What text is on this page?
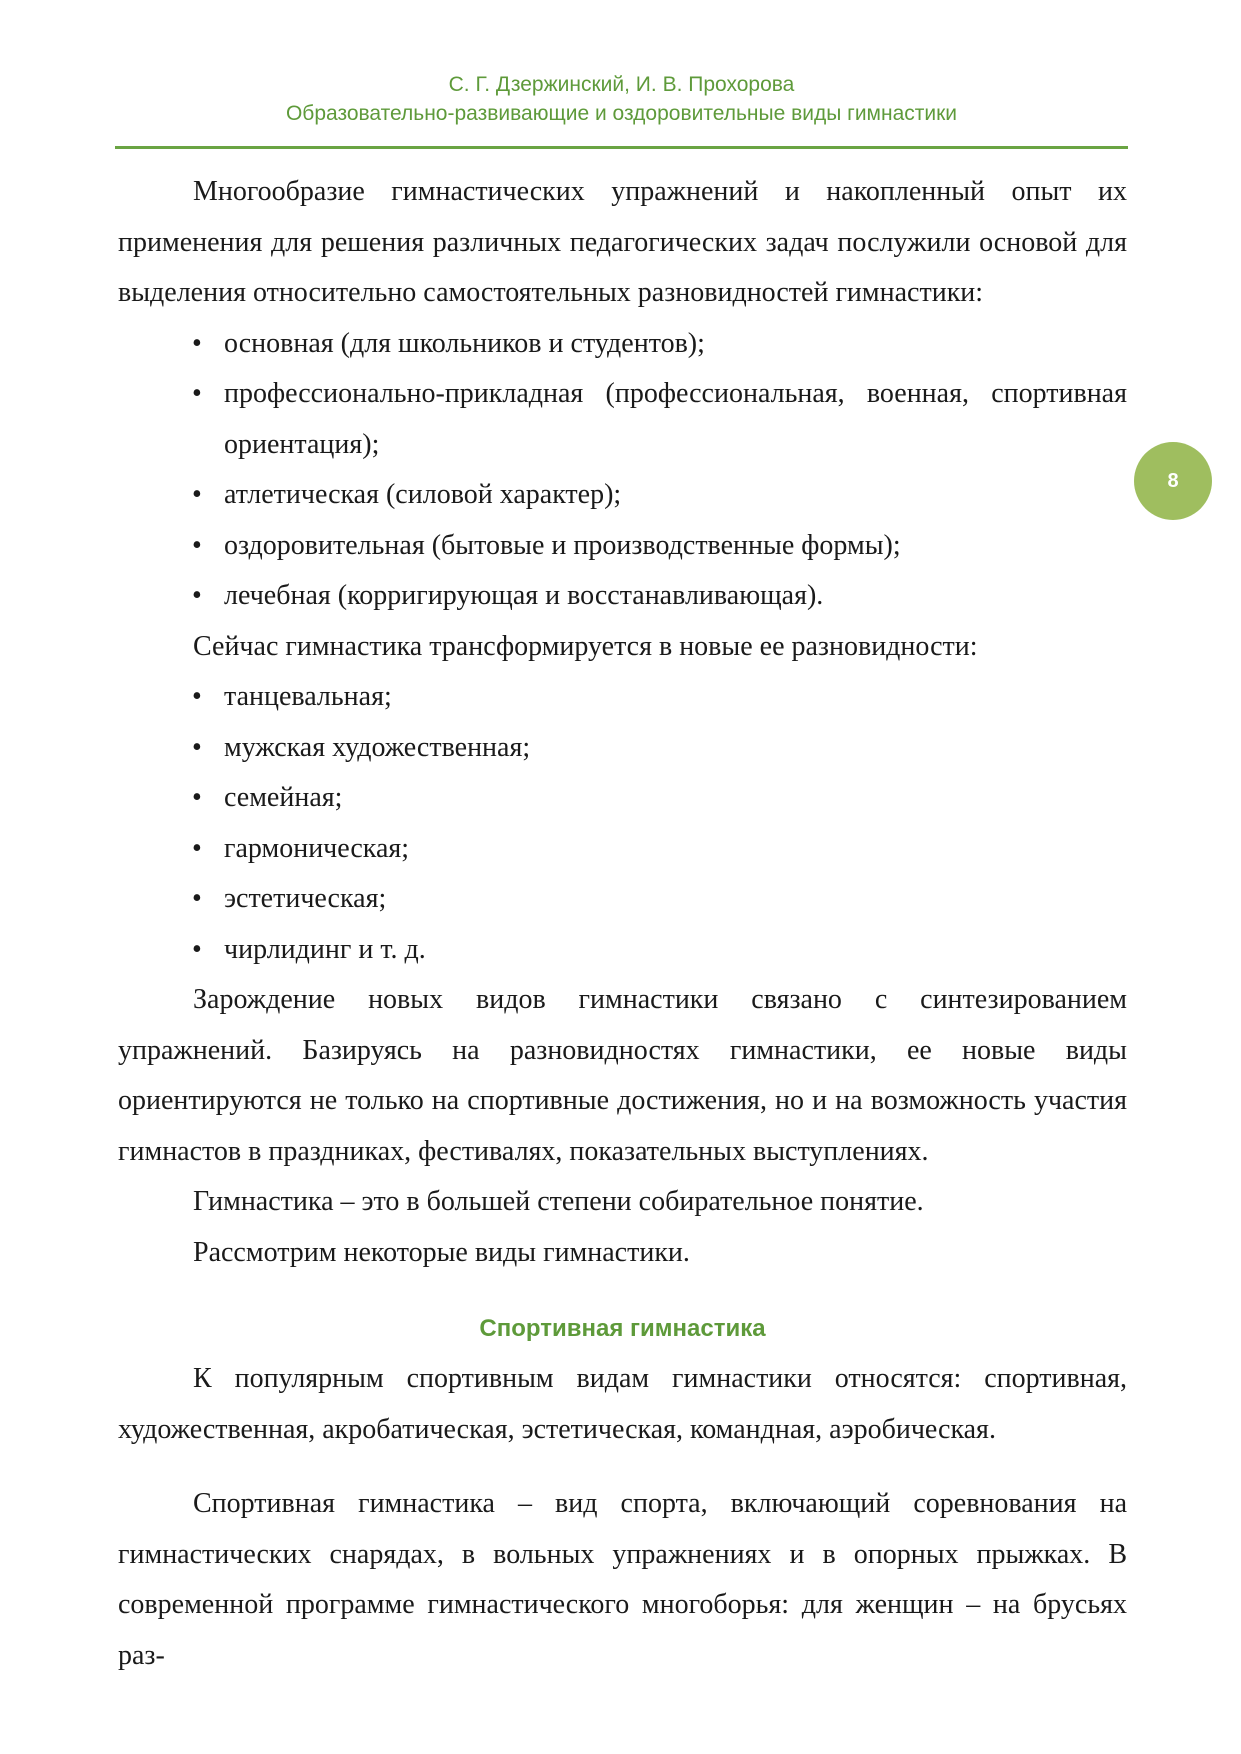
С. Г. Дзержинский, И. В. Прохорова
Образовательно-развивающие и оздоровительные виды гимнастики
8

Многообразие гимнастических упражнений и накопленный опыт их применения для решения различных педагогических задач послужили основой для выделения относительно самостоятельных разновидностей гимнастики:

• основная (для школьников и студентов);
• профессионально-прикладная (профессиональная, военная, спортивная ориентация);
• атлетическая (силовой характер);
• оздоровительная (бытовые и производственные формы);
• лечебная (корригирующая и восстанавливающая).

Сейчас гимнастика трансформируется в новые ее разновидности:

• танцевальная;
• мужская художественная;
• семейная;
• гармоническая;
• эстетическая;
• чирлидинг и т. д.

Зарождение новых видов гимнастики связано с синтезированием упражнений. Базируясь на разновидностях гимнастики, ее новые виды ориентируются не только на спортивные достижения, но и на возможность участия гимнастов в праздниках, фестивалях, показательных выступлениях.

Гимнастика – это в большей степени собирательное понятие.

Рассмотрим некоторые виды гимнастики.

Спортивная гимнастика

К популярным спортивным видам гимнастики относятся: спортивная, художественная, акробатическая, эстетическая, командная, аэробическая.

Спортивная гимнастика – вид спорта, включающий соревнования на гимнастических снарядах, в вольных упражнениях и в опорных прыжках. В современной программе гимнастического многоборья: для женщин – на брусьях раз-
